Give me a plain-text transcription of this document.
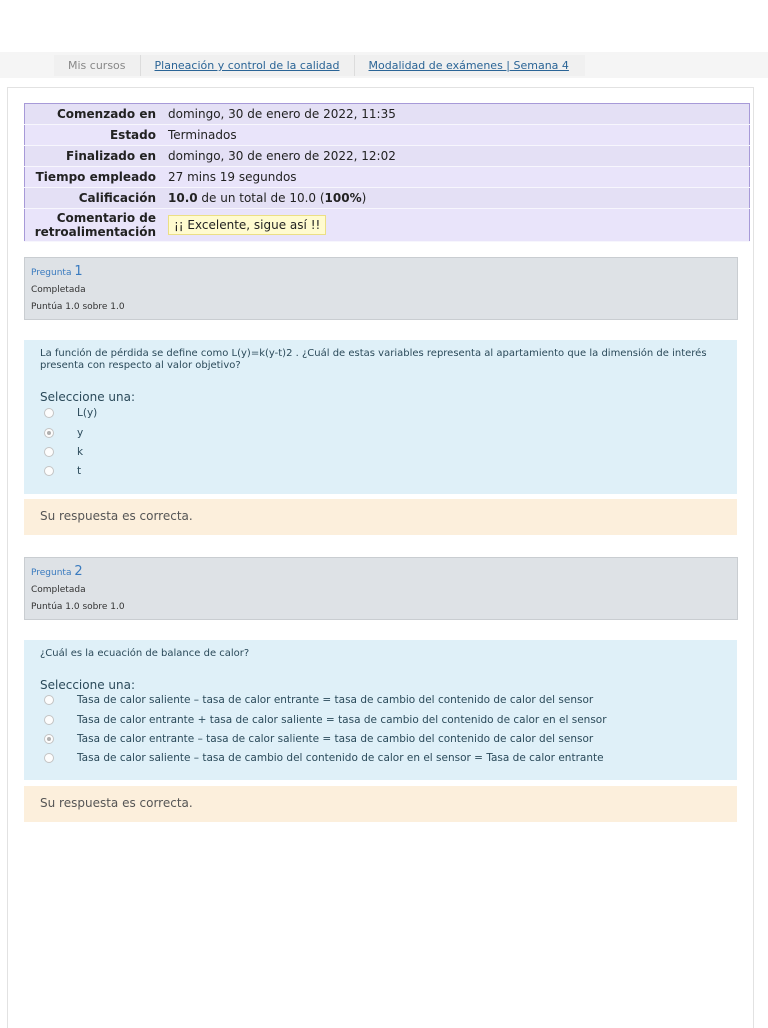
Mis cursos	Planeación y control de la calidad	Modalidad de exámenes | Semana 4
Comenzado en	domingo, 30 de enero de 2022, 11:35
Estado	Terminados
Finalizado en	domingo, 30 de enero de 2022, 12:02
Tiempo empleado	27 mins 19 segundos
Calificación	10.0 de un total de 10.0 (100%)
Comentario de retroalimentación	¡¡ Excelente, sigue así !!
Pregunta 1
Completada
Puntúa 1.0 sobre 1.0
La función de pérdida se define como L(y)=k(y-t)2 . ¿Cuál de estas variables representa al apartamiento que la dimensión de interés presenta con respecto al valor objetivo?
Seleccione una:
L(y)
y
k
t
Su respuesta es correcta.
Pregunta 2
Completada
Puntúa 1.0 sobre 1.0
¿Cuál es la ecuación de balance de calor?
Seleccione una:
Tasa de calor saliente – tasa de calor entrante = tasa de cambio del contenido de calor del sensor
Tasa de calor entrante + tasa de calor saliente = tasa de cambio del contenido de calor en el sensor
Tasa de calor entrante – tasa de calor saliente = tasa de cambio del contenido de calor del sensor
Tasa de calor saliente – tasa de cambio del contenido de calor en el sensor = Tasa de calor entrante
Su respuesta es correcta.
